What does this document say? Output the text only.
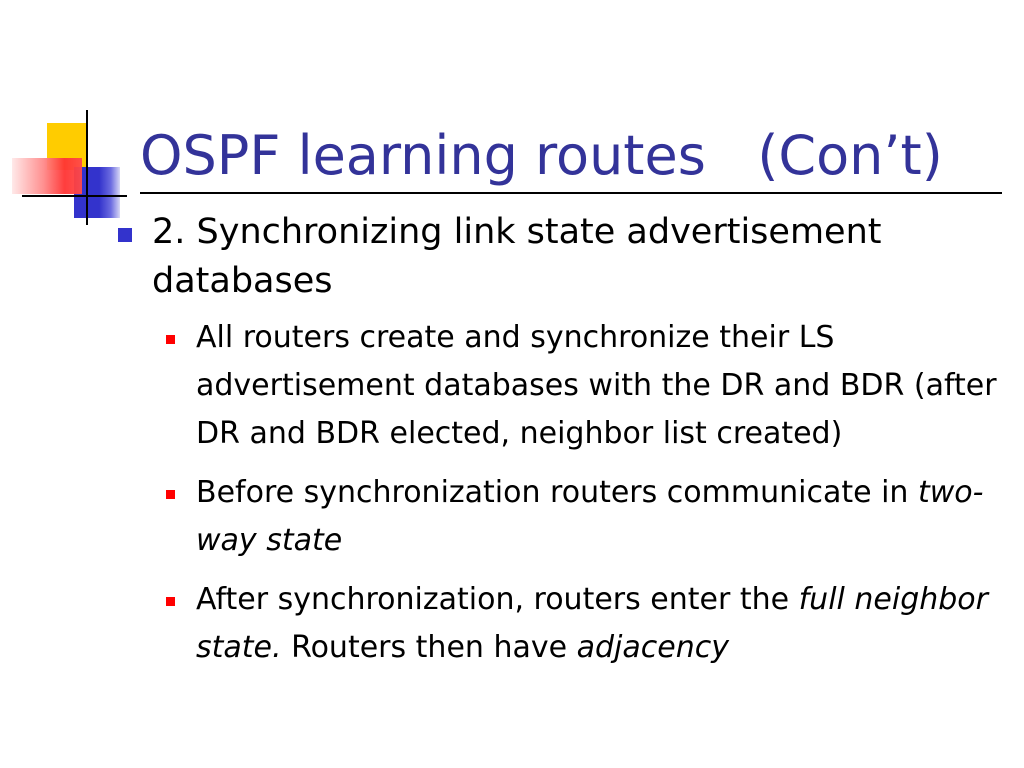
OSPF learning routes   (Con’t)
2. Synchronizing link state advertisement databases
All routers create and synchronize their LS advertisement databases with the DR and BDR (after DR and BDR elected, neighbor list created)
Before synchronization routers communicate in two-way state
After synchronization, routers enter the full neighbor state. Routers then have adjacency
